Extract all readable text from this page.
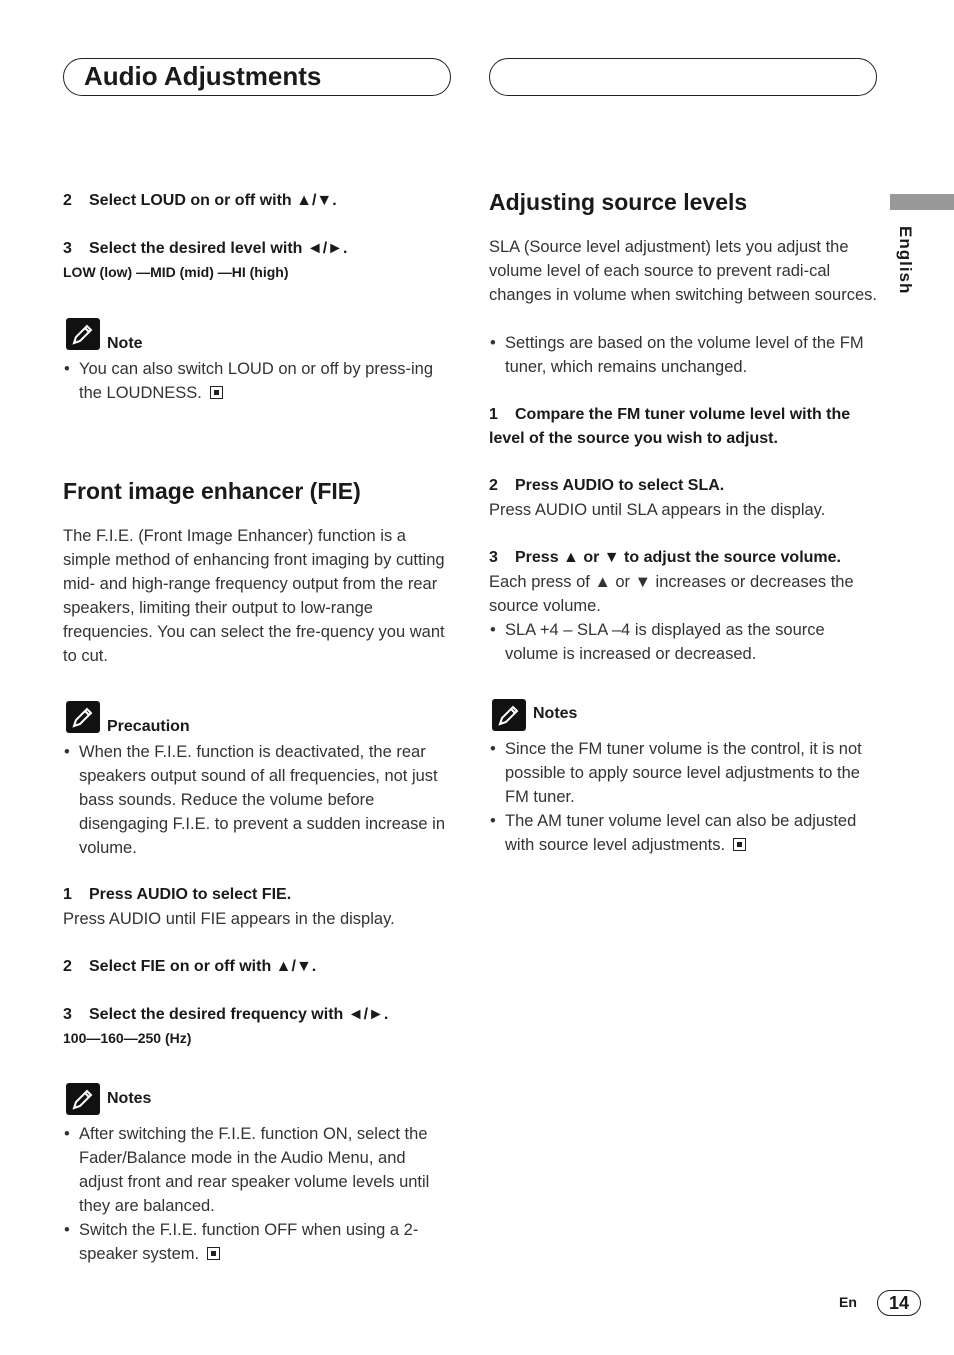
Audio Adjustments
English
2 Select LOUD on or off with ▲/▼.
3 Select the desired level with ◄/►.
LOW (low) —MID (mid) —HI (high)
Note
• You can also switch LOUD on or off by press-ing the LOUDNESS.
Front image enhancer (FIE)
The F.I.E. (Front Image Enhancer) function is a simple method of enhancing front imaging by cutting mid- and high-range frequency output from the rear speakers, limiting their output to low-range frequencies. You can select the fre-quency you want to cut.
Precaution
• When the F.I.E. function is deactivated, the rear speakers output sound of all frequencies, not just bass sounds. Reduce the volume before disengaging F.I.E. to prevent a sudden increase in volume.
1 Press AUDIO to select FIE.
Press AUDIO until FIE appears in the display.
2 Select FIE on or off with ▲/▼.
3 Select the desired frequency with ◄/►.
100—160—250 (Hz)
Notes
• After switching the F.I.E. function ON, select the Fader/Balance mode in the Audio Menu, and adjust front and rear speaker volume levels until they are balanced.
• Switch the F.I.E. function OFF when using a 2-speaker system.
Adjusting source levels
SLA (Source level adjustment) lets you adjust the volume level of each source to prevent radi-cal changes in volume when switching between sources.
• Settings are based on the volume level of the FM tuner, which remains unchanged.
1 Compare the FM tuner volume level with the level of the source you wish to adjust.
2 Press AUDIO to select SLA.
Press AUDIO until SLA appears in the display.
3 Press ▲ or ▼ to adjust the source volume.
Each press of ▲ or ▼ increases or decreases the source volume.
• SLA +4 – SLA –4 is displayed as the source volume is increased or decreased.
Notes
• Since the FM tuner volume is the control, it is not possible to apply source level adjustments to the FM tuner.
• The AM tuner volume level can also be adjusted with source level adjustments.
En	14
